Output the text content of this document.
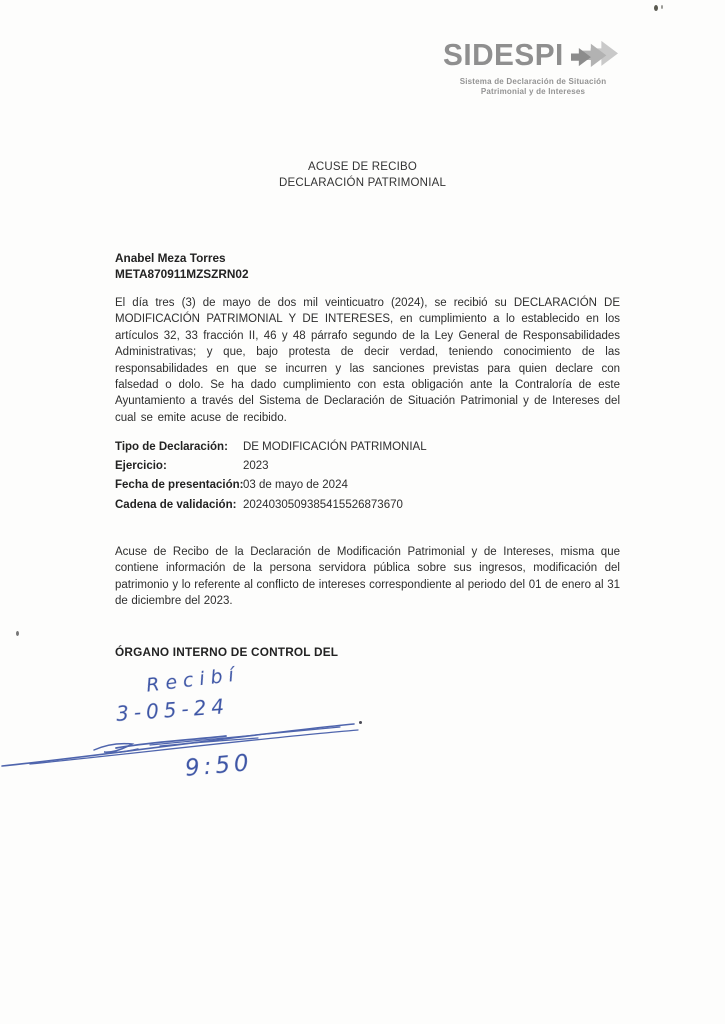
SIDESPI
Sistema de Declaración de Situación
Patrimonial y de Intereses
ACUSE DE RECIBO
DECLARACIÓN PATRIMONIAL
Anabel Meza Torres
META870911MZSZRN02

El día tres (3) de mayo de dos mil veinticuatro (2024), se recibió su DECLARACIÓN DE MODIFICACIÓN PATRIMONIAL Y DE INTERESES, en cumplimiento a lo establecido en los artículos 32, 33 fracción II, 46 y 48 párrafo segundo de la Ley General de Responsabilidades Administrativas; y que, bajo protesta de decir verdad, teniendo conocimiento de las responsabilidades en que se incurren y las sanciones previstas para quien declare con falsedad o dolo. Se ha dado cumplimiento con esta obligación ante la Contraloría de este Ayuntamiento a través del Sistema de Declaración de Situación Patrimonial y de Intereses del cual se emite acuse de recibido.

Tipo de Declaración:	DE MODIFICACIÓN PATRIMONIAL
Ejercicio:	2023
Fecha de presentación: 03 de mayo de 2024
Cadena de validación: 2024030509385415526873670

Acuse de Recibo de la Declaración de Modificación Patrimonial y de Intereses, misma que contiene información de la persona servidora pública sobre sus ingresos, modificación del patrimonio y lo referente al conflicto de intereses correspondiente al periodo del 01 de enero al 31 de diciembre del 2023.

ÓRGANO INTERNO DE CONTROL DEL
Recibí
3-05-24
9:50
